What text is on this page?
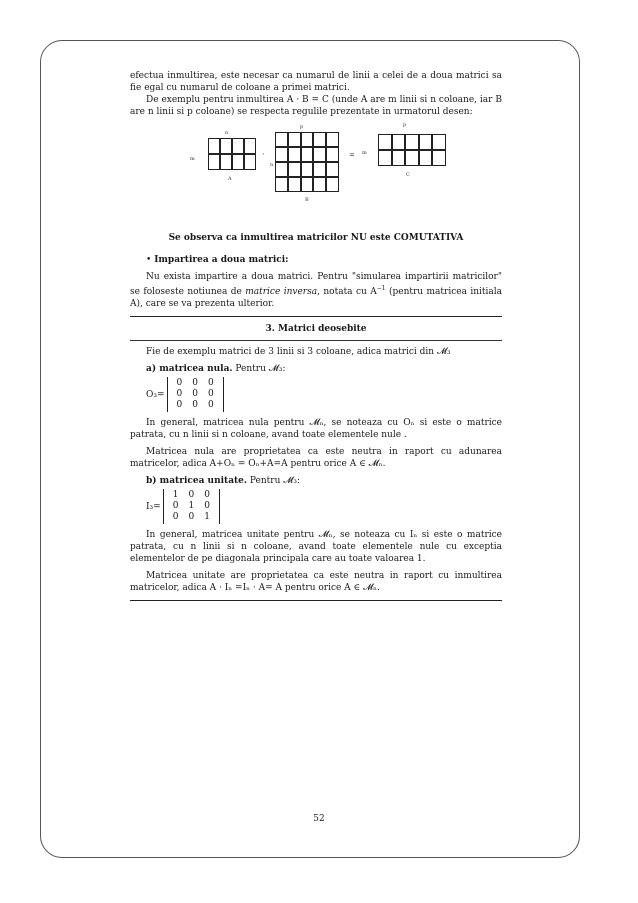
efectua inmultirea, este necesar ca numarul de linii a celei de a doua matrici sa fie egal cu numarul de coloane a primei matrici.

De exemplu pentru inmultirea A · B = C (unde A are m linii si n coloane, iar B are n linii si p coloane) se respecta regulile prezentate in urmatorul desen:

n
m
A
·
p
n
B
=
p
m
C

Se observa ca inmultirea matricilor NU este COMUTATIVA

• Impartirea a doua matrici:

Nu exista impartire a doua matrici. Pentru "simularea impartirii matricilor" se foloseste notiunea de matrice inversa, notata cu $A^{-1}$ (pentru matricea initiala A), care se va prezenta ulterior.

3. Matrici deosebite

Fie de exemplu matrici de 3 linii si 3 coloane, adica matrici din 𝓜₃

a) matricea nula. Pentru 𝓜₃:

O₃=
0	0	0
0	0	0
0	0	0

In general, matricea nula pentru 𝓜ₙ, se noteaza cu Oₙ si este o matrice patrata, cu n linii si n coloane, avand toate elementele nule .

Matricea nula are proprietatea ca este neutra in raport cu adunarea matricelor, adica A+Oₙ = Oₙ+A=A pentru orice A ∈ 𝓜ₙ.

b) matricea unitate. Pentru 𝓜₃:

I₃=
1	0	0
0	1	0
0	0	1

In general, matricea unitate pentru 𝓜ₙ, se noteaza cu Iₙ si este o matrice patrata, cu n linii si n coloane, avand toate elementele nule cu exceptia elementelor de pe diagonala principala care au toate valoarea 1.

Matricea unitate are proprietatea ca este neutra in raport cu inmultirea matricelor, adica A · Iₙ =Iₙ · A= A pentru orice A ∈ 𝓜ₙ.

52
